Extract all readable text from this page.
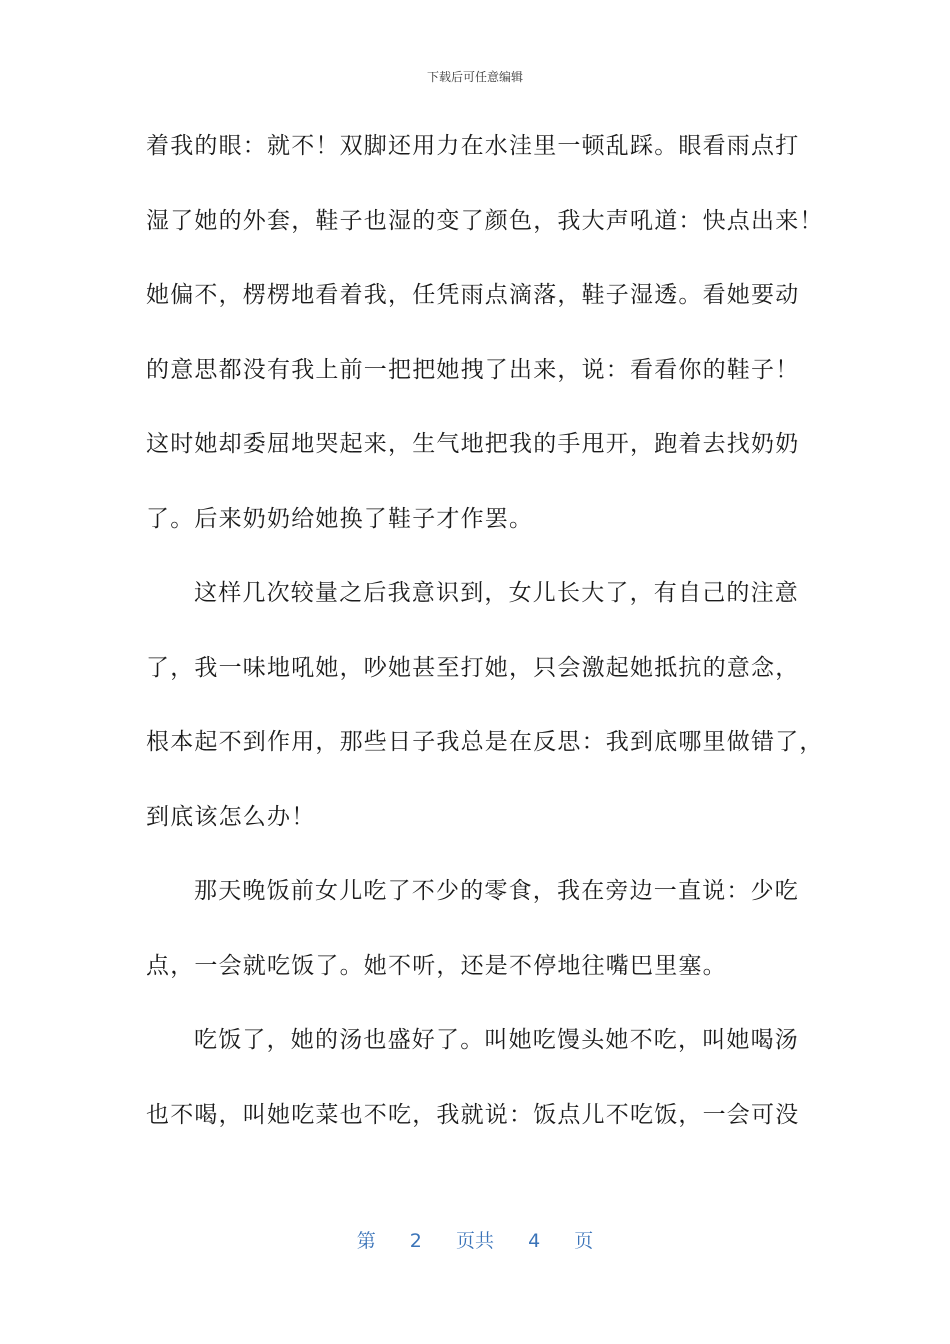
下载后可任意编辑
着我的眼：就不！双脚还用力在水洼里一顿乱踩。眼看雨点打
湿了她的外套，鞋子也湿的变了颜色，我大声吼道：快点出来！
她偏不，楞楞地看着我，任凭雨点滴落，鞋子湿透。看她要动
的意思都没有我上前一把把她拽了出来，说：看看你的鞋子！
这时她却委屈地哭起来，生气地把我的手甩开，跑着去找奶奶
了。后来奶奶给她换了鞋子才作罢。
这样几次较量之后我意识到，女儿长大了，有自己的注意
了，我一味地吼她，吵她甚至打她，只会激起她抵抗的意念，
根本起不到作用，那些日子我总是在反思：我到底哪里做错了，
到底该怎么办！
那天晚饭前女儿吃了不少的零食，我在旁边一直说：少吃
点，一会就吃饭了。她不听，还是不停地往嘴巴里塞。
吃饭了，她的汤也盛好了。叫她吃馒头她不吃，叫她喝汤
也不喝，叫她吃菜也不吃，我就说：饭点儿不吃饭，一会可没
第 2 页共 4 页
